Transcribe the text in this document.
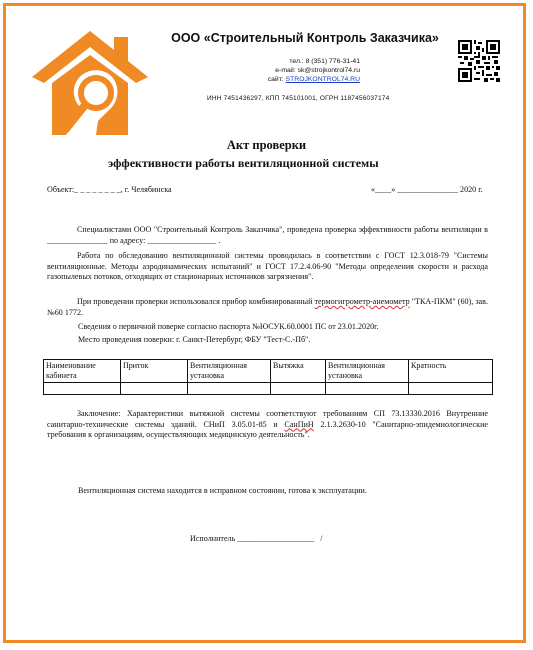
ООО «Строительный Контроль Заказчика»
тел.: 8 (351) 776-31-41
e-mail: sk@strojkontrol74.ru
сайт: STROJKONTROL74.RU
ИНН 7451436297, КПП 745101001, ОГРН 1187456037174
Акт проверки
эффективности работы вентиляционной системы
Объект:_ _ _ _ _ _ _ _, г. Челябинска	«____» _______________ 2020 г.
Специалистами ООО "Строительный Контроль Заказчика", проведена проверка эффективности работы вентиляции в _______________ по адресу: _________________ .
Работа по обследованию вентиляционной системы проводилась в соответствии с ГОСТ 12.3.018-79 "Системы вентиляционные. Методы аэродинамических испытаний" и ГОСТ 17.2.4.06-90 "Методы определения скорости и расхода газопылевых потоков, отходящих от стационарных источников загрязнения".
При проведении проверки использовался прибор комбинированный термогигрометр-анемометр "ТКА-ПКМ" (60), зав.№60 1772.
Сведения о первичной поверке согласно паспорта №ЮСУК.60.0001 ПС от 23.01.2020г.
Место проведения поверки: г. Санкт-Петербург, ФБУ "Тест-С.-Пб".
Наименование кабинета	Приток	Вентиляционная установка	Вытяжка	Вентиляционная установка	Кратность

Заключение: Характеристики вытяжной системы соответствуют требованиям СП 73.13330.2016 Внутренние санитарно-технические системы зданий. СНиП 3.05.01-85 и СанПиН 2.1.3.2630-10 "Санитарно-эпидемиологические требования к организациям, осуществляющих медицинскую деятельность".
Вентиляционная система находится в исправном состоянии, готова к эксплуатации.
Исполнитель ___________________ /
